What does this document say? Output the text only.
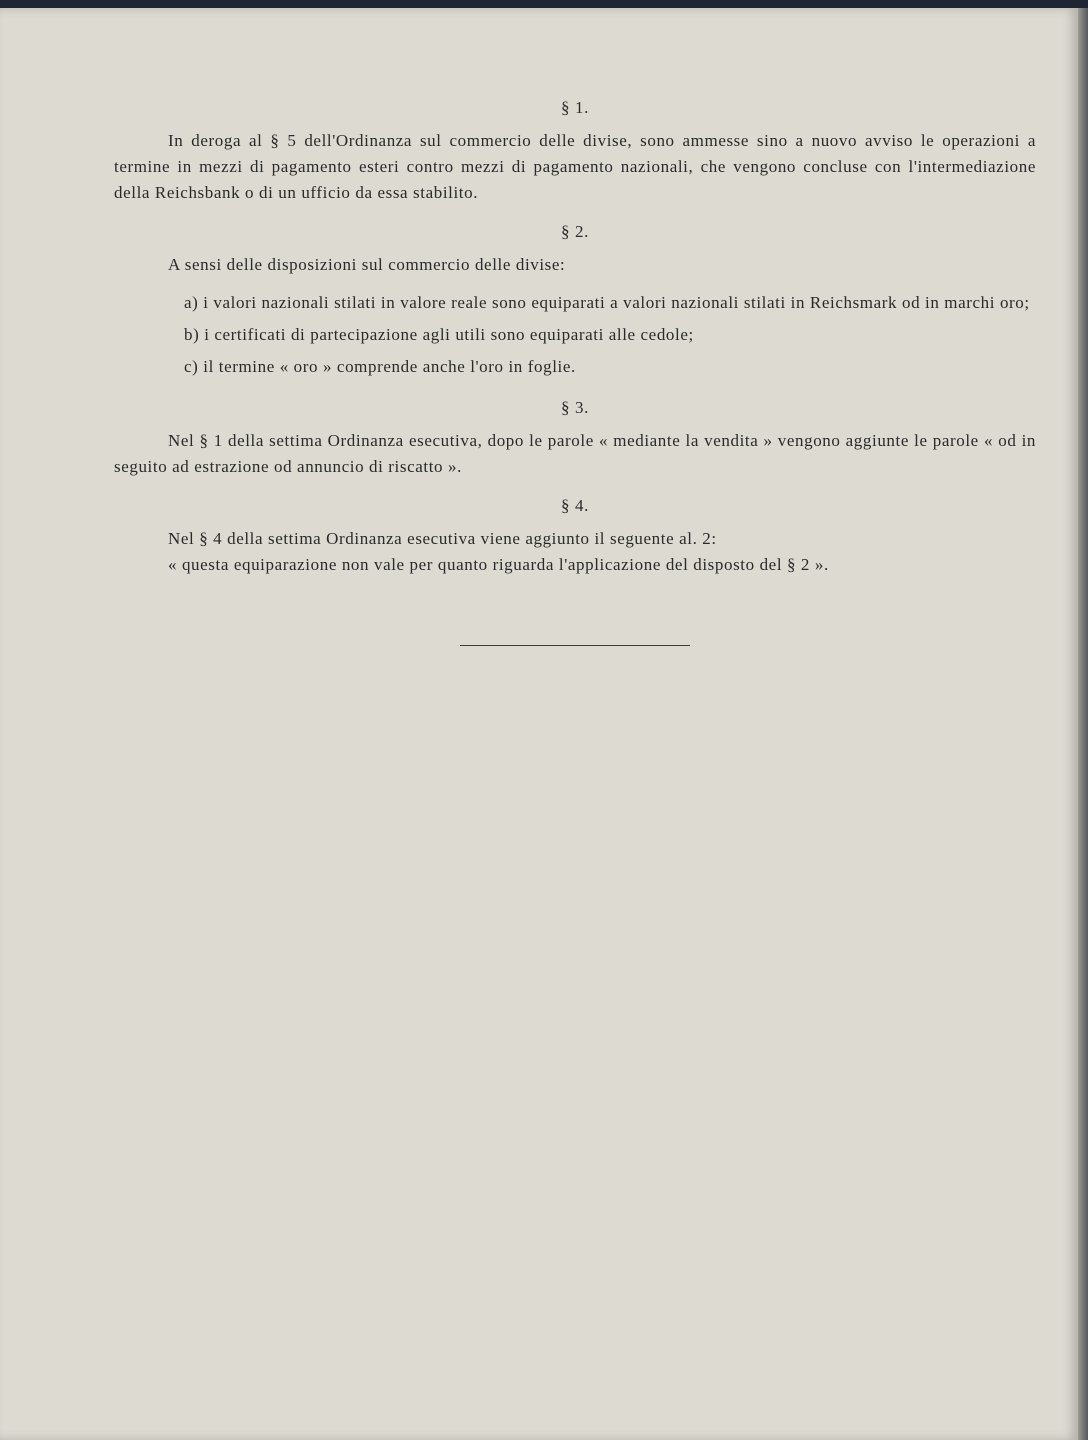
§ 1.

In deroga al § 5 dell'Ordinanza sul commercio delle divise, sono ammesse sino a nuovo avviso le operazioni a termine in mezzi di pagamento esteri contro mezzi di pagamento nazionali, che vengono concluse con l'intermediazione della Reichsbank o di un ufficio da essa stabilito.

§ 2.

A sensi delle disposizioni sul commercio delle divise:

a) i valori nazionali stilati in valore reale sono equiparati a valori nazionali stilati in Reichsmark od in marchi oro;

b) i certificati di partecipazione agli utili sono equiparati alle cedole;

c) il termine « oro » comprende anche l'oro in foglie.

§ 3.

Nel § 1 della settima Ordinanza esecutiva, dopo le parole « mediante la vendita » vengono aggiunte le parole « od in seguito ad estrazione od annuncio di riscatto ».

§ 4.

Nel § 4 della settima Ordinanza esecutiva viene aggiunto il seguente al. 2:

« questa equiparazione non vale per quanto riguarda l'applicazione del disposto del § 2 ».
